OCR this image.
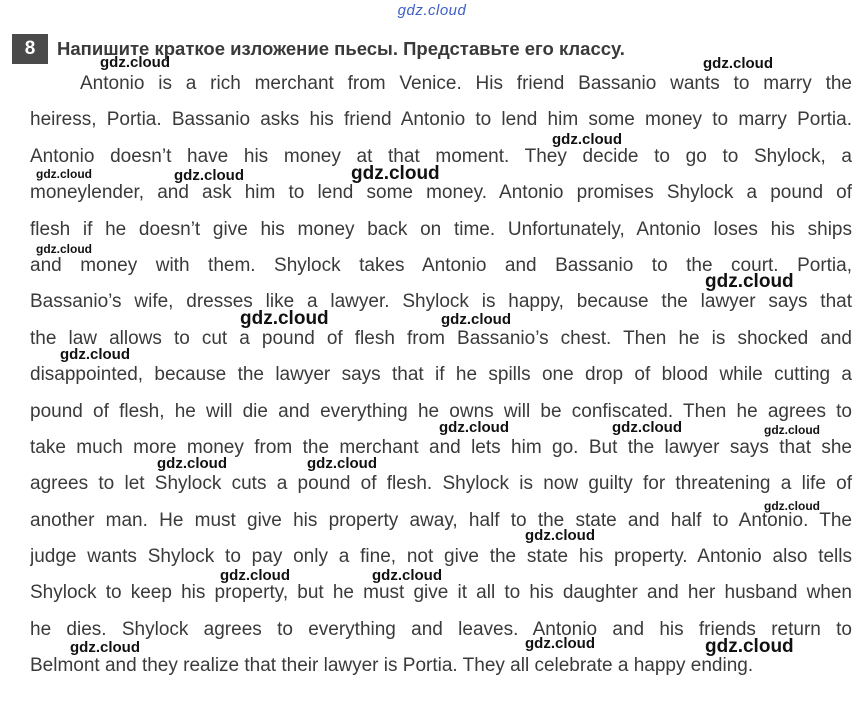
gdz.cloud
8	Напишите краткое изложение пьесы. Представьте его классу.
Antonio is a rich merchant from Venice. His friend Bassanio wants to marry the
heiress, Portia. Bassanio asks his friend Antonio to lend him some money to marry Portia.
Antonio doesn’t have his money at that moment. They decide to go to Shylock, a
moneylender, and ask him to lend some money. Antonio promises Shylock a pound of
flesh if he doesn’t give his money back on time. Unfortunately, Antonio loses his ships
and money with them. Shylock takes Antonio and Bassanio to the court. Portia,
Bassanio’s wife, dresses like a lawyer. Shylock is happy, because the lawyer says that
the law allows to cut a pound of flesh from Bassanio’s chest. Then he is shocked and
disappointed, because the lawyer says that if he spills one drop of blood while cutting a
pound of flesh, he will die and everything he owns will be confiscated. Then he agrees to
take much more money from the merchant and lets him go. But the lawyer says that she
agrees to let Shylock cuts a pound of flesh. Shylock is now guilty for threatening a life of
another man. He must give his property away, half to the state and half to Antonio. The
judge wants Shylock to pay only a fine, not give the state his property. Antonio also tells
Shylock to keep his property, but he must give it all to his daughter and her husband when
he dies. Shylock agrees to everything and leaves. Antonio and his friends return to
Belmont and they realize that their lawyer is Portia. They all celebrate a happy ending.
gdz.cloud	gdz.cloud
gdz.cloud
gdz.cloud	gdz.cloud	gdz.cloud
gdz.cloud
gdz.cloud
gdz.cloud	gdz.cloud
gdz.cloud
gdz.cloud	gdz.cloud	gdz.cloud
gdz.cloud	gdz.cloud
gdz.cloud
gdz.cloud
gdz.cloud	gdz.cloud
gdz.cloud	gdz.cloud	gdz.cloud
